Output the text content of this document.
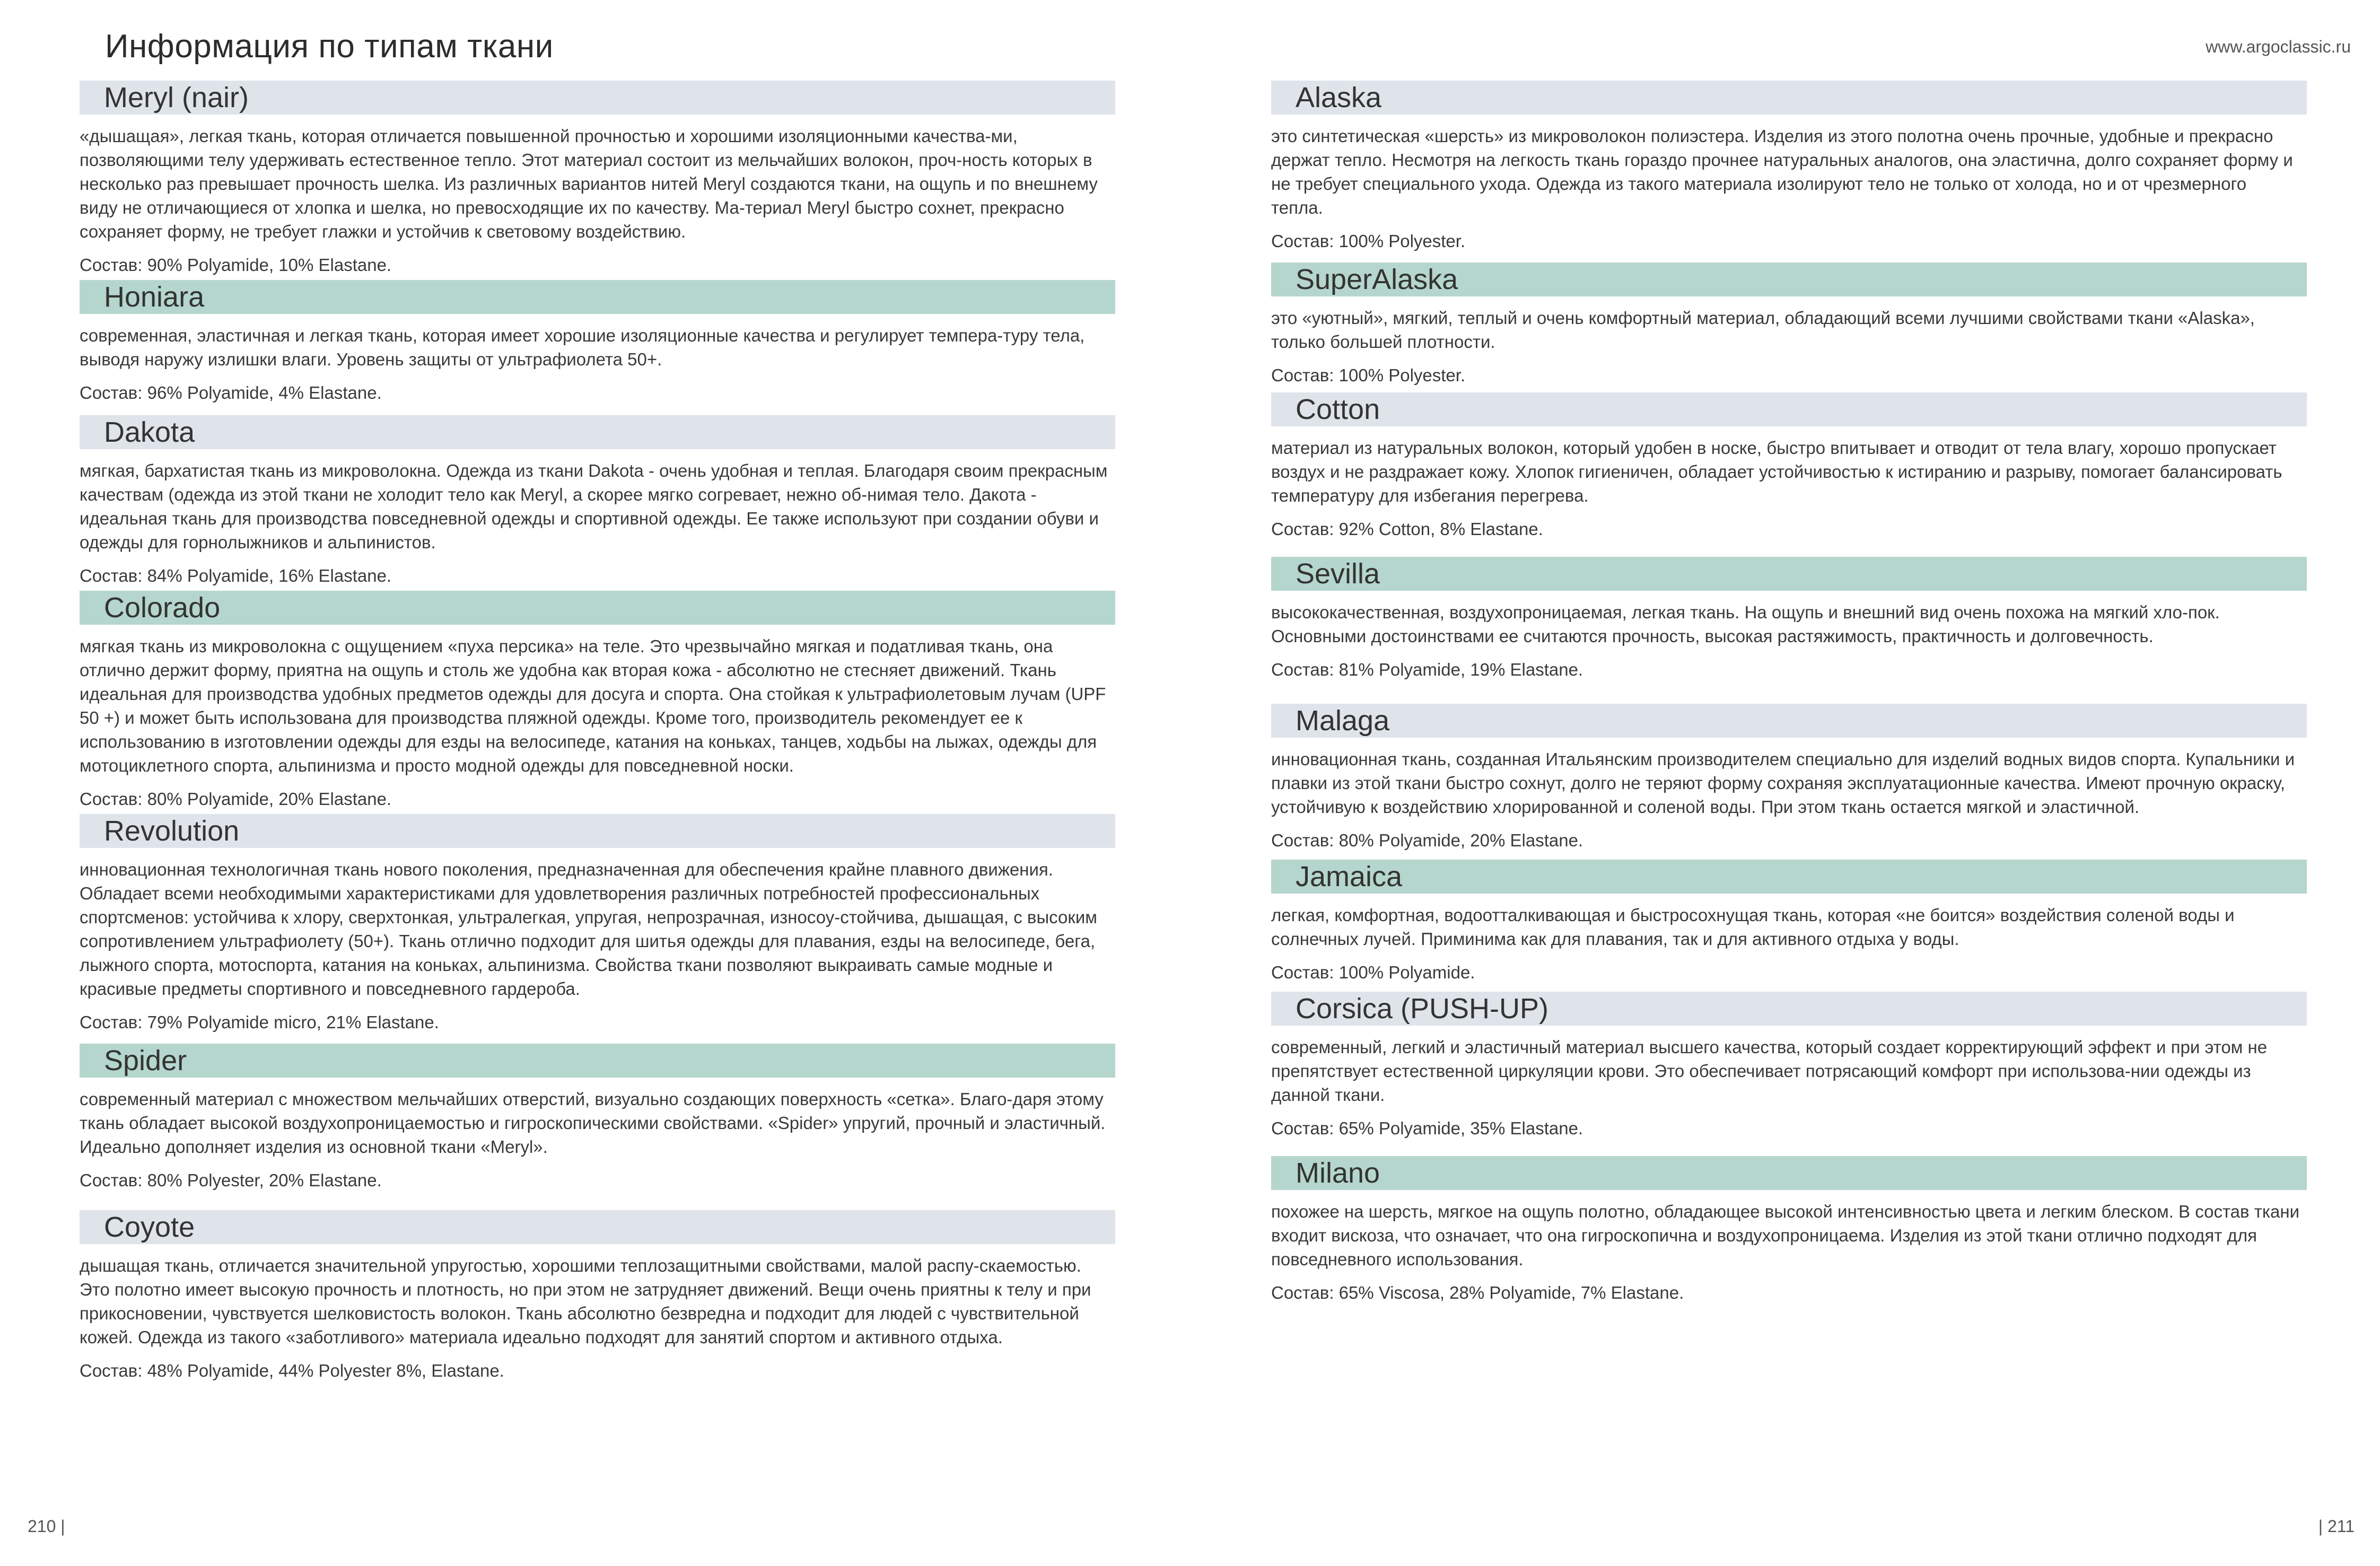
Информация по типам ткани	www.argoclassic.ru
Meryl (nair)
«дышащая», легкая ткань, которая отличается повышенной прочностью и хорошими изоляционными качества-ми, позволяющими телу удерживать естественное тепло. Этот материал состоит из мельчайших волокон, проч-ность которых в несколько раз превышает прочность шелка. Из различных вариантов нитей Meryl создаются ткани, на ощупь и по внешнему виду не отличающиеся от хлопка и шелка, но превосходящие их по качеству. Ма-териал Meryl быстро сохнет, прекрасно сохраняет форму, не требует глажки и устойчив к световому воздействию.
Состав: 90% Polyamide, 10% Elastane.
Honiara
современная, эластичная и легкая ткань, которая имеет хорошие изоляционные качества и регулирует темпера-туру тела, выводя наружу излишки влаги. Уровень защиты от ультрафиолета 50+.
Состав: 96% Polyamide, 4% Elastane.
Dakota
мягкая, бархатистая ткань из микроволокна. Одежда из ткани Dakota - очень удобная и теплая. Благодаря своим прекрасным качествам (одежда из этой ткани не холодит тело как Meryl, а скорее мягко согревает, нежно об-нимая тело. Дакота - идеальная ткань для производства повседневной одежды и спортивной одежды. Ее также используют при создании обуви и одежды для горнолыжников и альпинистов.
Состав: 84% Polyamide, 16% Elastane.
Colorado
мягкая ткань из микроволокна с ощущением «пуха персика» на теле. Это чрезвычайно мягкая и податливая ткань, она отлично держит форму, приятна на ощупь и столь же удобна как вторая кожа - абсолютно не стесняет движений. Ткань идеальная для производства удобных предметов одежды для досуга и спорта. Она стойкая к ультрафиолетовым лучам (UPF 50 +) и может быть использована для производства пляжной одежды. Кроме того, производитель рекомендует ее к использованию в изготовлении одежды для езды на велосипеде, катания на коньках, танцев, ходьбы на лыжах, одежды для мотоциклетного спорта, альпинизма и просто модной одежды для повседневной носки.
Состав: 80% Polyamide, 20% Elastane.
Revolution
инновационная технологичная ткань нового поколения, предназначенная для обеспечения крайне плавного движения. Обладает всеми необходимыми характеристиками для удовлетворения различных потребностей профессиональных спортсменов: устойчива к хлору, сверхтонкая, ультралегкая, упругая, непрозрачная, износоу-стойчива, дышащая, с высоким сопротивлением ультрафиолету (50+). Ткань отлично подходит для шитья одежды для плавания, езды на велосипеде, бега, лыжного спорта, мотоспорта, катания на коньках, альпинизма. Свойства ткани позволяют выкраивать самые модные и красивые предметы спортивного и повседневного гардероба.
Состав: 79% Polyamide micro, 21% Elastane.
Spider
современный материал с множеством мельчайших отверстий, визуально создающих поверхность «сетка». Благо-даря этому ткань обладает высокой воздухопроницаемостью и гигроскопическими свойствами. «Spider» упругий, прочный и эластичный. Идеально дополняет изделия из основной ткани «Meryl».
Состав: 80% Polyester, 20% Elastane.
Coyote
дышащая ткань, отличается значительной упругостью, хорошими теплозащитными свойствами, малой распу-скаемостью. Это полотно имеет высокую прочность и плотность, но при этом не затрудняет движений. Вещи очень приятны к телу и при прикосновении, чувствуется шелковистость волокон. Ткань абсолютно безвредна и подходит для людей с чувствительной кожей. Одежда из такого «заботливого» материала идеально подходят для занятий спортом и активного отдыха.
Состав: 48% Polyamide, 44% Polyester 8%, Elastane.
Alaska
это синтетическая «шерсть» из микроволокон полиэстера. Изделия из этого полотна очень прочные, удобные и прекрасно держат тепло. Несмотря на легкость ткань гораздо прочнее натуральных аналогов, она эластична, долго сохраняет форму и не требует специального ухода. Одежда из такого материала изолируют тело не только от холода, но и от чрезмерного тепла.
Состав: 100% Polyester.
SuperAlaska
это «уютный», мягкий, теплый и очень комфортный материал, обладающий всеми лучшими свойствами ткани «Alaska», только большей плотности.
Состав: 100% Polyester.
Cotton
материал из натуральных волокон, который удобен в носке, быстро впитывает и отводит от тела влагу, хорошо пропускает воздух и не раздражает кожу. Хлопок гигиеничен, обладает устойчивостью к истиранию и разрыву, помогает балансировать температуру для избегания перегрева.
Состав: 92% Cotton, 8% Elastane.
Sevilla
высококачественная, воздухопроницаемая, легкая ткань. На ощупь и внешний вид очень похожа на мягкий хло-пок. Основными достоинствами ее считаются прочность, высокая растяжимость, практичность и долговечность.
Состав: 81% Polyamide, 19% Elastane.
Malaga
инновационная ткань, созданная Итальянским производителем специально для изделий водных видов спорта. Купальники и плавки из этой ткани быстро сохнут, долго не теряют форму сохраняя эксплуатационные качества. Имеют прочную окраску, устойчивую к воздействию хлорированной и соленой воды. При этом ткань остается мягкой и эластичной.
Состав: 80% Polyamide, 20% Elastane.
Jamaica
легкая, комфортная, водоотталкивающая и быстросохнущая ткань, которая «не боится» воздействия соленой воды и солнечных лучей. Приминима как для плавания, так и для активного отдыха у воды.
Состав: 100% Polyamide.
Corsica (PUSH-UP)
современный, легкий и эластичный материал высшего качества, который создает корректирующий эффект и при этом не препятствует естественной циркуляции крови. Это обеспечивает потрясающий комфорт при использова-нии одежды из данной ткани.
Состав: 65% Polyamide, 35% Elastane.
Milano
похожее на шерсть, мягкое на ощупь полотно, обладающее высокой интенсивностью цвета и легким блеском. В состав ткани входит вискоза, что означает, что она гигроскопична и воздухопроницаема. Изделия из этой ткани отлично подходят для повседневного использования.
Состав: 65% Viscosa, 28% Polyamide, 7% Elastane.
210 |	| 211
